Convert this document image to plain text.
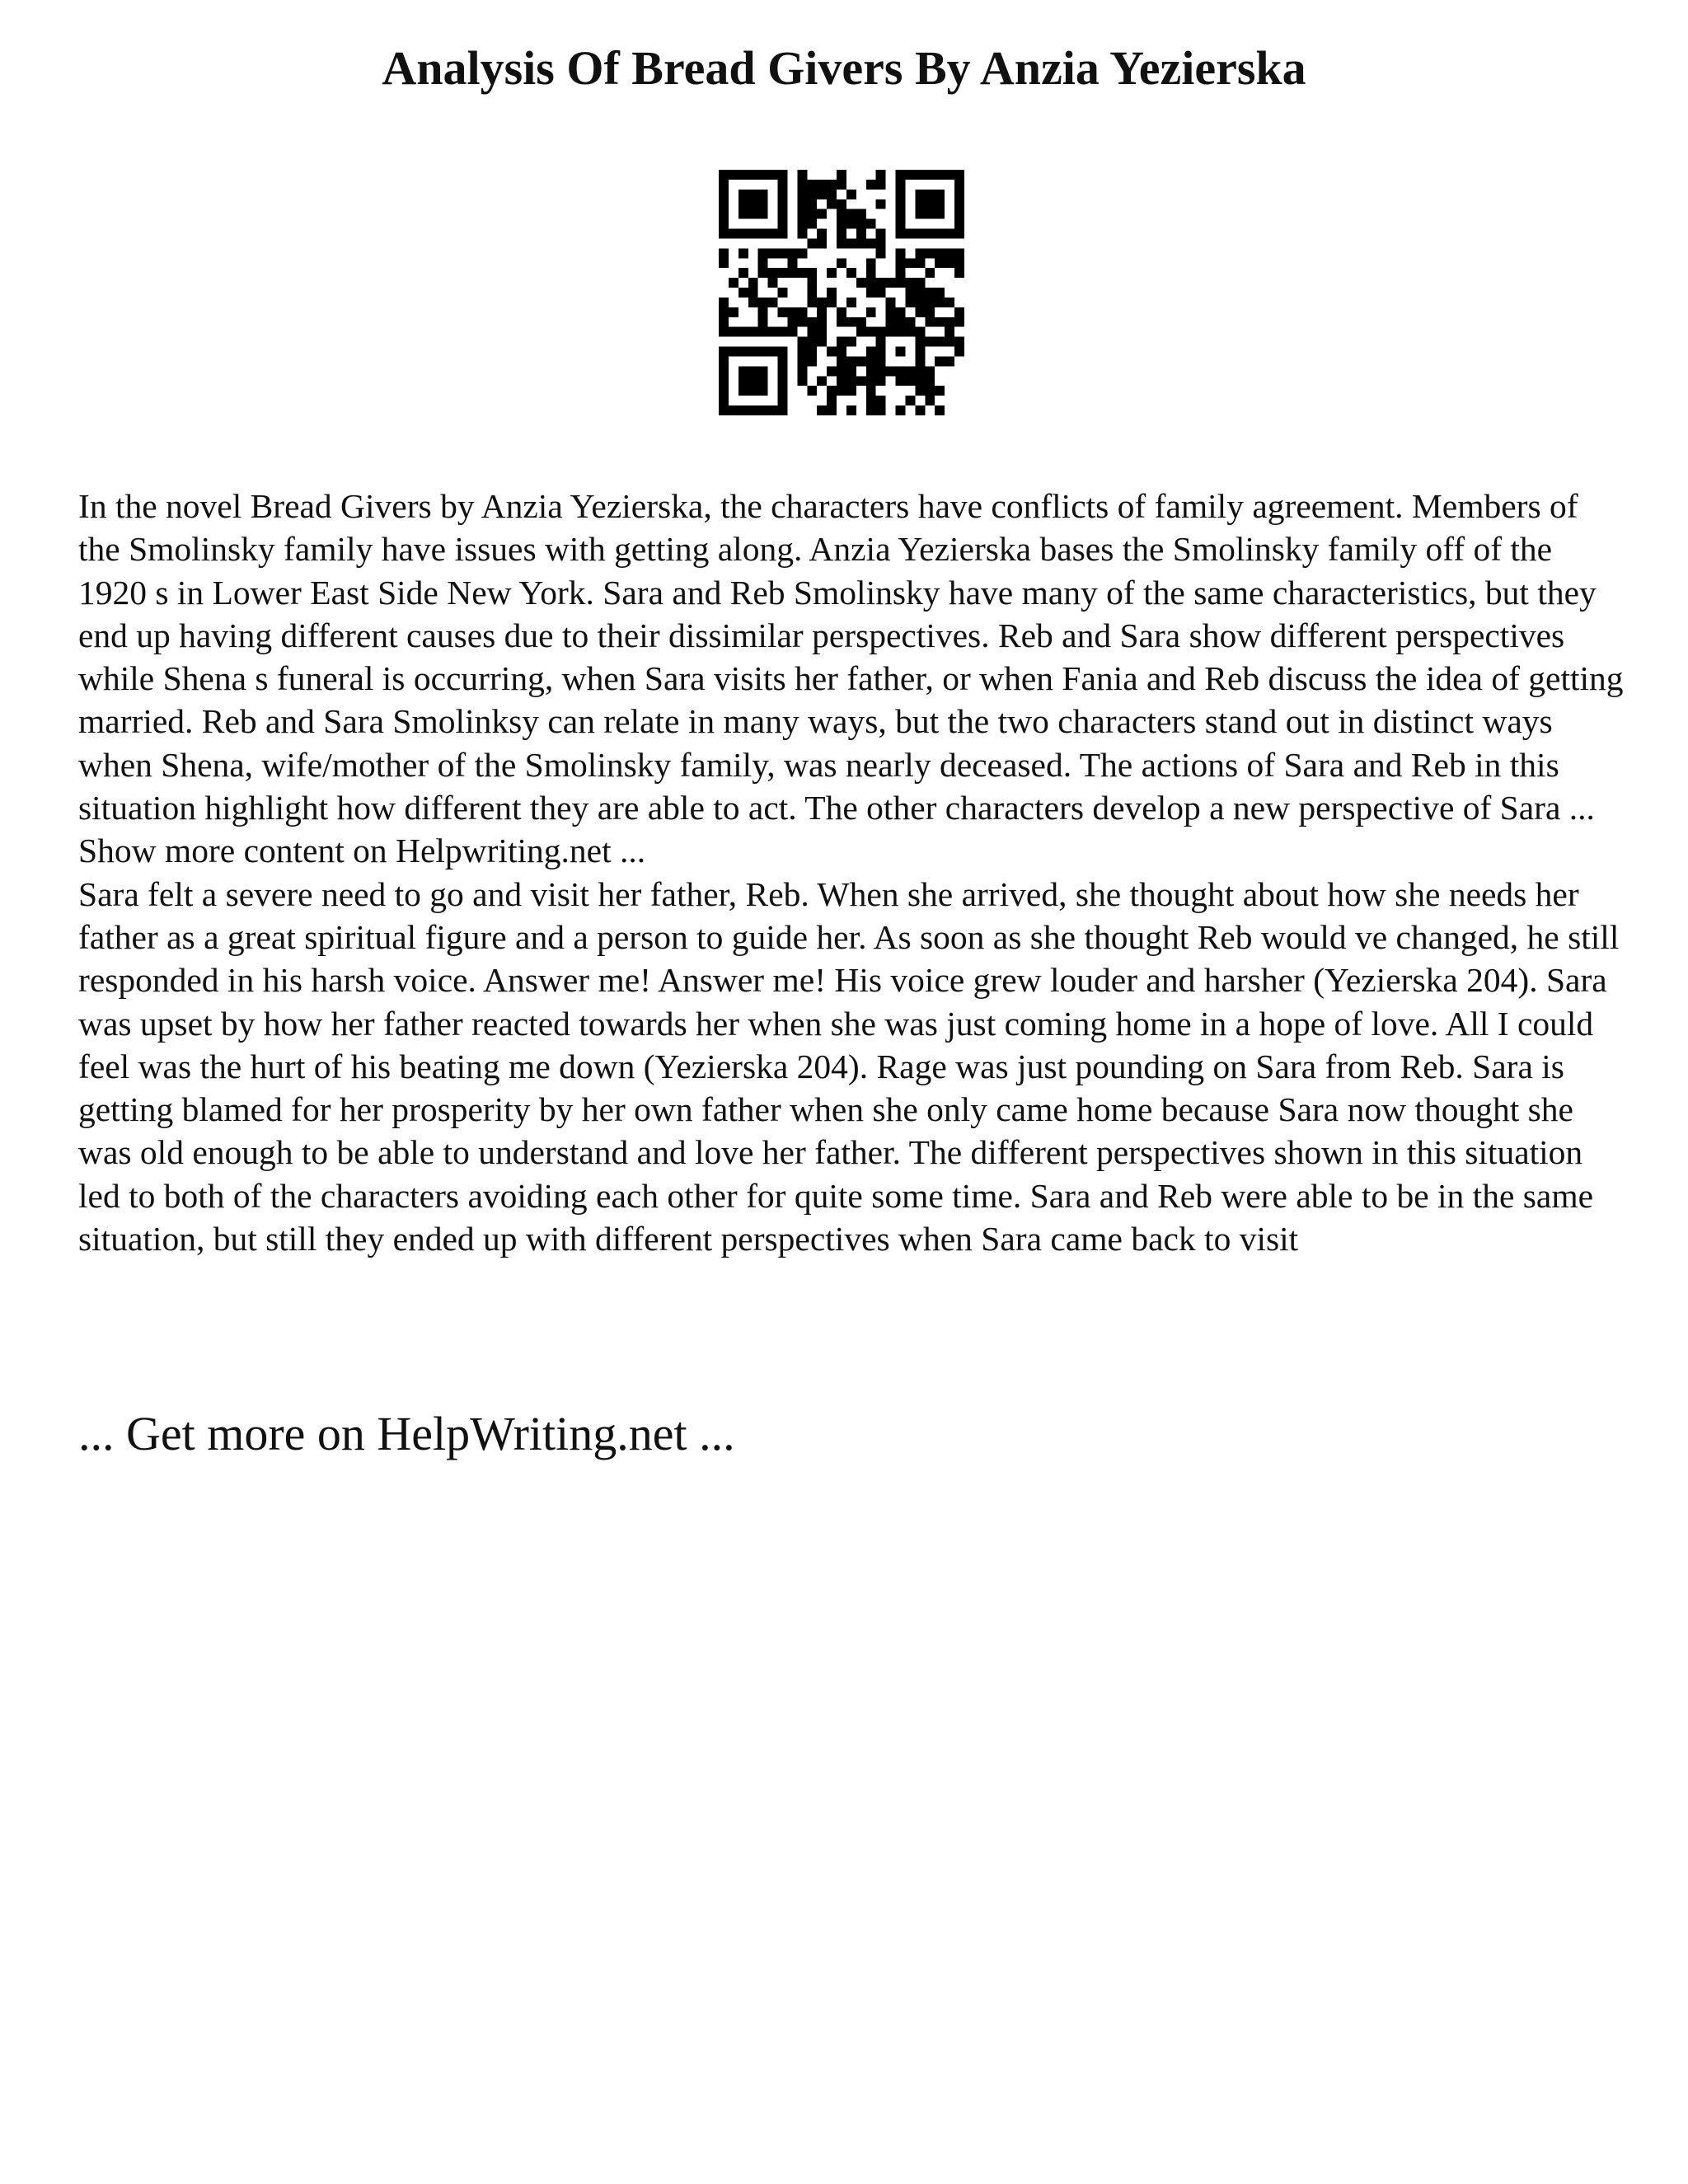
Analysis Of Bread Givers By Anzia Yezierska

In the novel Bread Givers by Anzia Yezierska, the characters have conflicts of family agreement. Members of the Smolinsky family have issues with getting along. Anzia Yezierska bases the Smolinsky family off of the 1920 s in Lower East Side New York. Sara and Reb Smolinsky have many of the same characteristics, but they end up having different causes due to their dissimilar perspectives. Reb and Sara show different perspectives while Shena s funeral is occurring, when Sara visits her father, or when Fania and Reb discuss the idea of getting married. Reb and Sara Smolinksy can relate in many ways, but the two characters stand out in distinct ways when Shena, wife/mother of the Smolinsky family, was nearly deceased. The actions of Sara and Reb in this situation highlight how different they are able to act. The other characters develop a new perspective of Sara ... Show more content on Helpwriting.net ...

Sara felt a severe need to go and visit her father, Reb. When she arrived, she thought about how she needs her father as a great spiritual figure and a person to guide her. As soon as she thought Reb would ve changed, he still responded in his harsh voice. Answer me! Answer me! His voice grew louder and harsher (Yezierska 204). Sara was upset by how her father reacted towards her when she was just coming home in a hope of love. All I could feel was the hurt of his beating me down (Yezierska 204). Rage was just pounding on Sara from Reb. Sara is getting blamed for her prosperity by her own father when she only came home because Sara now thought she was old enough to be able to understand and love her father. The different perspectives shown in this situation led to both of the characters avoiding each other for quite some time. Sara and Reb were able to be in the same situation, but still they ended up with different perspectives when Sara came back to visit

... Get more on HelpWriting.net ...
